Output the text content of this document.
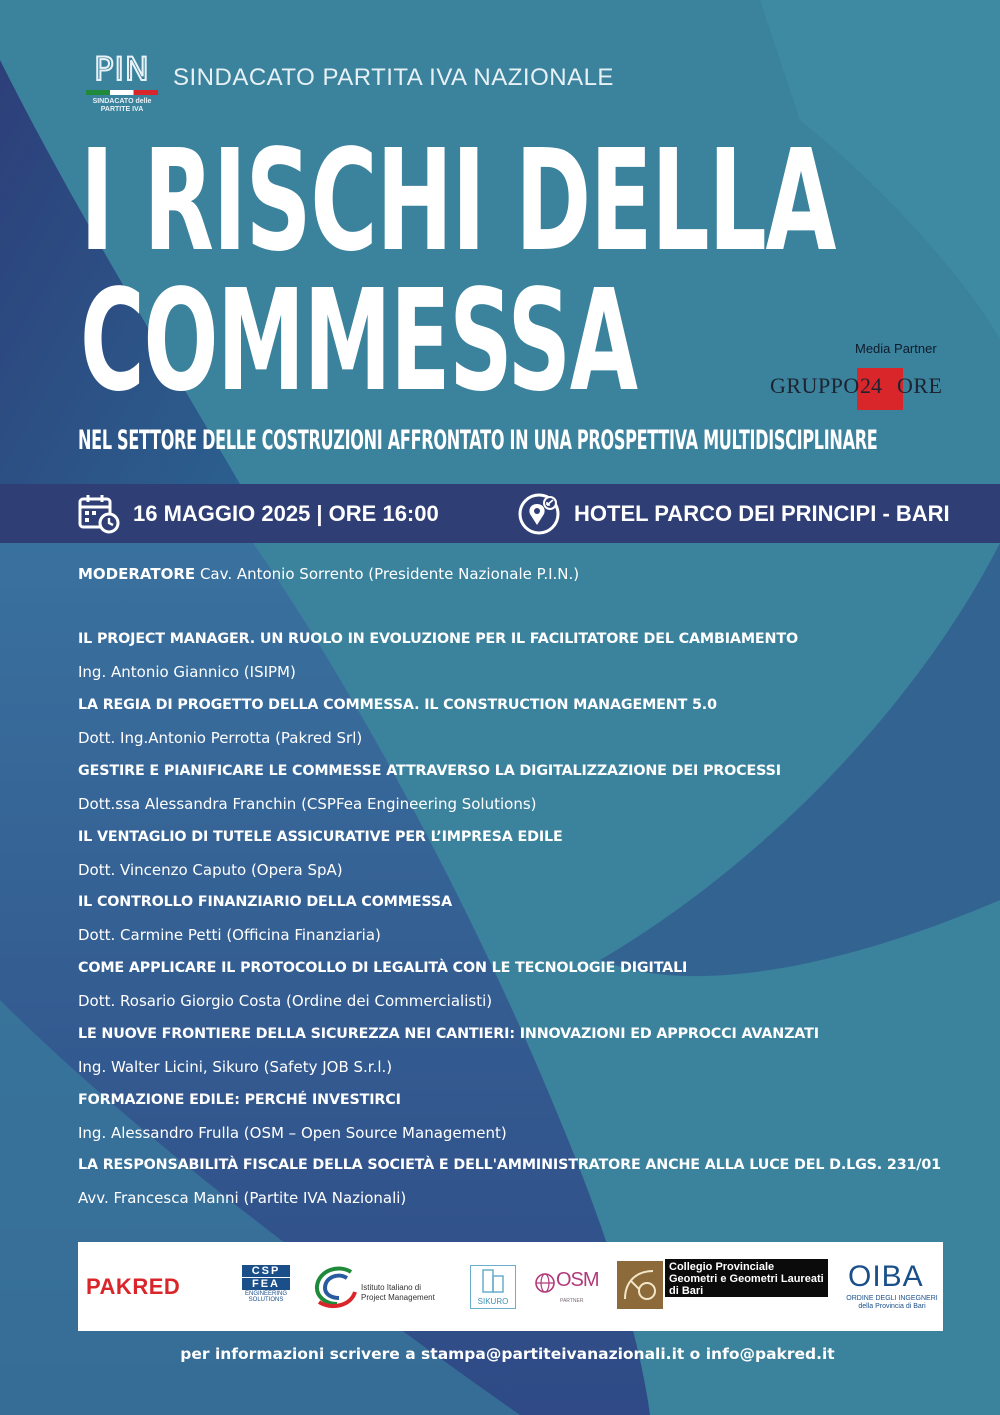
PIN
SINDACATO delle
PARTITE IVA
SINDACATO PARTITA IVA NAZIONALE
I RISCHI DELLA
COMMESSA	Media Partner
GRUPPO 24 ORE
NEL SETTORE DELLE COSTRUZIONI AFFRONTATO IN UNA PROSPETTIVA MULTIDISCIPLINARE
16 MAGGIO 2025 | ORE 16:00	HOTEL PARCO DEI PRINCIPI - BARI
MODERATORE Cav. Antonio Sorrento (Presidente Nazionale P.I.N.)
IL PROJECT MANAGER. UN RUOLO IN EVOLUZIONE PER IL FACILITATORE DEL CAMBIAMENTO
Ing. Antonio Giannico (ISIPM)
LA REGIA DI PROGETTO DELLA COMMESSA. IL CONSTRUCTION MANAGEMENT 5.0
Dott. Ing.Antonio Perrotta (Pakred Srl)
GESTIRE E PIANIFICARE LE COMMESSE ATTRAVERSO LA DIGITALIZZAZIONE DEI PROCESSI
Dott.ssa Alessandra Franchin (CSPFea Engineering Solutions)
IL VENTAGLIO DI TUTELE ASSICURATIVE PER L’IMPRESA EDILE
Dott. Vincenzo Caputo (Opera SpA)
IL CONTROLLO FINANZIARIO DELLA COMMESSA
Dott. Carmine Petti (Officina Finanziaria)
COME APPLICARE IL PROTOCOLLO DI LEGALITÀ CON LE TECNOLOGIE DIGITALI
Dott. Rosario Giorgio Costa (Ordine dei Commercialisti)
LE NUOVE FRONTIERE DELLA SICUREZZA NEI CANTIERI: INNOVAZIONI ED APPROCCI AVANZATI
Ing. Walter Licini, Sikuro (Safety JOB S.r.l.)
FORMAZIONE EDILE: PERCHÉ INVESTIRCI
Ing. Alessandro Frulla (OSM – Open Source Management)
LA RESPONSABILITÀ FISCALE DELLA SOCIETÀ E DELL'AMMINISTRATORE ANCHE ALLA LUCE DEL D.LGS. 231/01
Avv. Francesca Manni (Partite IVA Nazionali)
PAKRED
CSP
FEA
ENGINEERING SOLUTIONS
Istituto Italiano di
Project Management	SIKURO
OSM
PARTNER
Collegio Provinciale
Geometri e Geometri Laureati
di Bari	OIBA
ORDINE DEGLI INGEGNERI
della Provincia di Bari
per informazioni scrivere a stampa@partiteivanazionali.it o info@pakred.it
